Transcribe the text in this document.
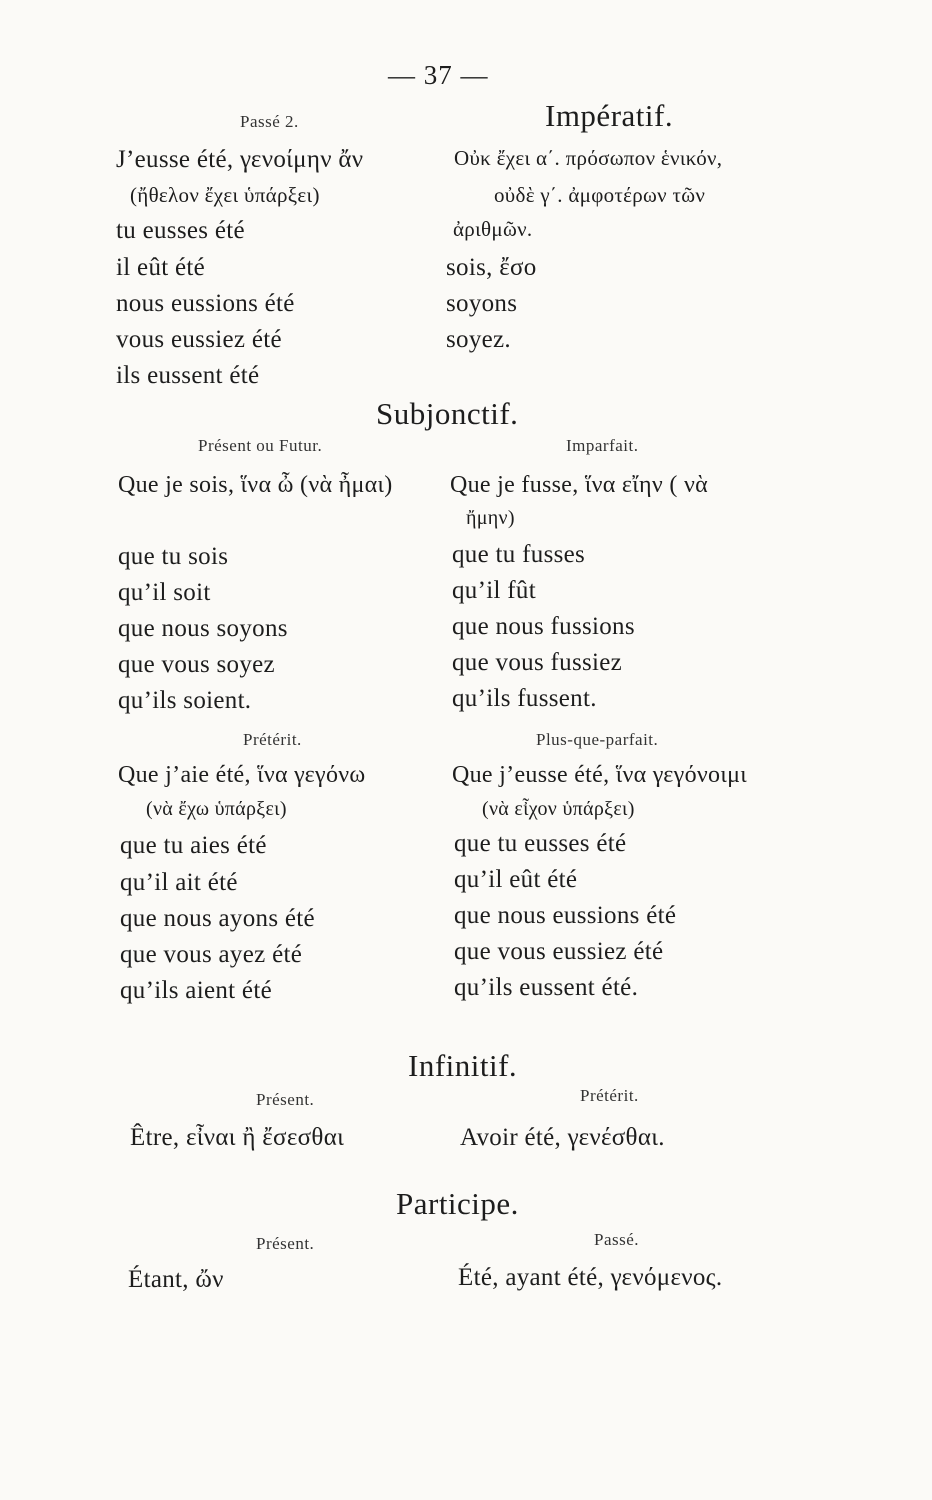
— 37 —
Passé 2.
J’eusse été, γενοίμην ἄν
(ἤθελον ἔχει ὑπάρξει)
tu eusses été
il eût été
nous eussions été
vous eussiez été
ils eussent été
Impératif.
Οὐκ ἔχει α΄. πρόσωπον ἑνικόν,
οὐδὲ γ΄. ἀμφοτέρων τῶν
ἀριθμῶν.
sois, ἔσο
soyons
soyez.
Subjonctif.
Présent ou Futur.
Que je sois, ἵνα ὦ (νὰ ἦμαι)
que tu sois
qu’il soit
que nous soyons
que vous soyez
qu’ils soient.
Imparfait.
Que je fusse, ἵνα εἴην ( νὰ
ἤμην)
que tu fusses
qu’il fût
que nous fussions
que vous fussiez
qu’ils fussent.
Prétérit.
Que j’aie été, ἵνα γεγόνω
(νὰ ἔχω ὑπάρξει)
que tu aies été
qu’il ait été
que nous ayons été
que vous ayez été
qu’ils aient été
Plus-que-parfait.
Que j’eusse été, ἵνα γεγόνοιμι
(νὰ εἶχον ὑπάρξει)
que tu eusses été
qu’il eût été
que nous eussions été
que vous eussiez été
qu’ils eussent été.
Infinitif.
Présent.
Être, εἶναι ἢ ἔσεσθαι
Prétérit.
Avoir été, γενέσθαι.
Participe.
Présent.
Étant, ὤν
Passé.
Été, ayant été, γενόμενος.
